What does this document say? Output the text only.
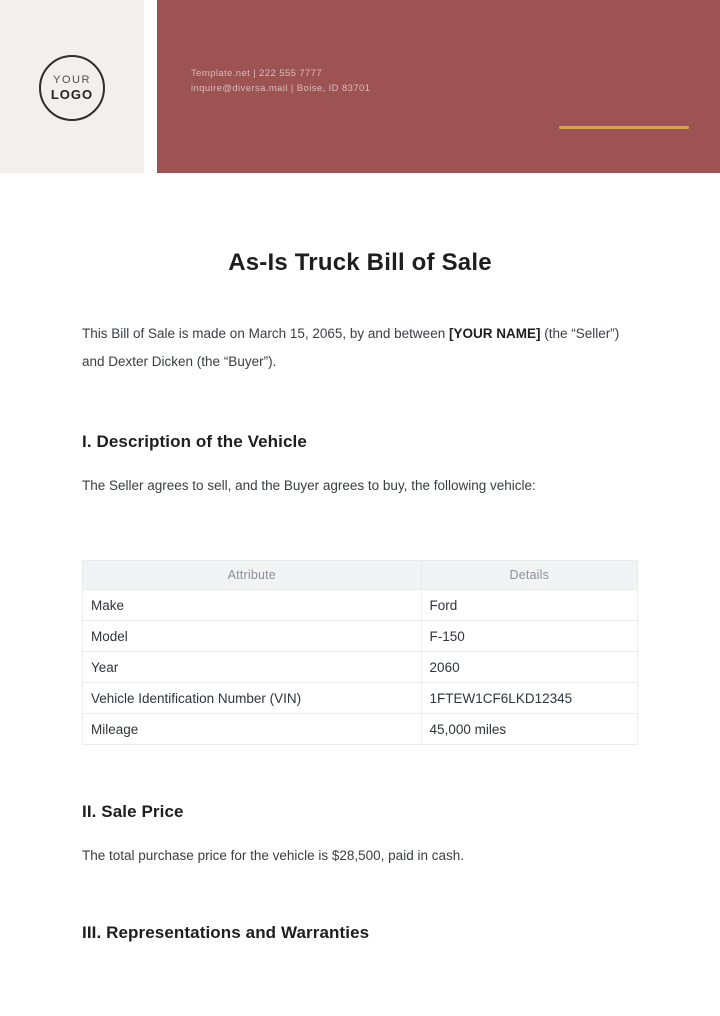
YOUR
LOGO
Template.net | 222 555 7777
inquire@diversa.mail | Boise, ID 83701
As-Is Truck Bill of Sale

This Bill of Sale is made on March 15, 2065, by and between [YOUR NAME] (the “Seller”) and Dexter Dicken (the “Buyer”).

I. Description of the Vehicle

The Seller agrees to sell, and the Buyer agrees to buy, the following vehicle:

Attribute	Details
Make	Ford
Model	F-150
Year	2060
Vehicle Identification Number (VIN)	1FTEW1CF6LKD12345
Mileage	45,000 miles
II. Sale Price

The total purchase price for the vehicle is $28,500, paid in cash.

III. Representations and Warranties
